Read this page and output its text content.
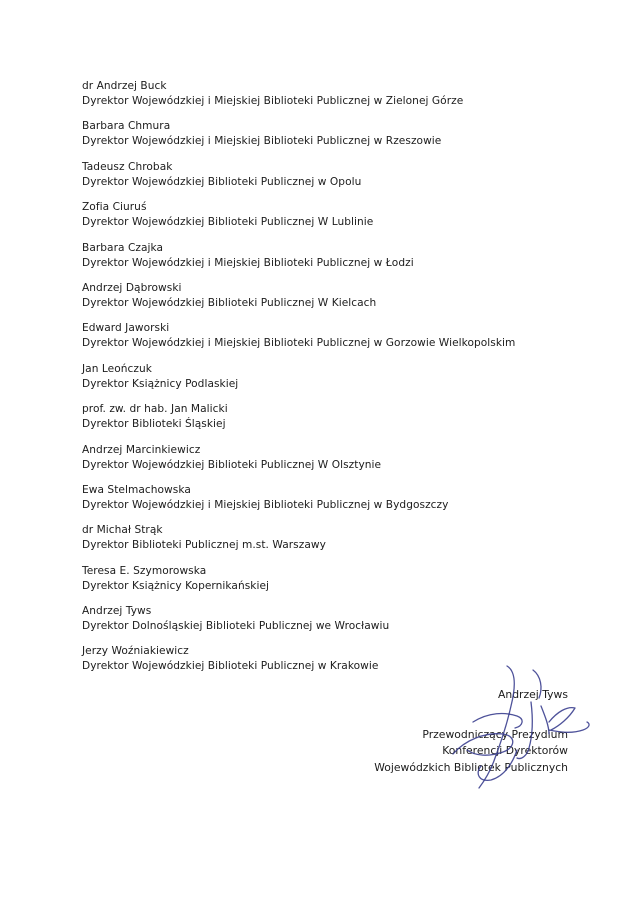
dr Andrzej Buck
Dyrektor Wojewódzkiej i Miejskiej Biblioteki Publicznej w Zielonej Górze
Barbara Chmura
Dyrektor Wojewódzkiej i Miejskiej Biblioteki Publicznej w Rzeszowie
Tadeusz Chrobak
Dyrektor Wojewódzkiej Biblioteki Publicznej w Opolu
Zofia Ciuruś
Dyrektor Wojewódzkiej Biblioteki Publicznej W Lublinie
Barbara Czajka
Dyrektor Wojewódzkiej i Miejskiej Biblioteki Publicznej w Łodzi
Andrzej Dąbrowski
Dyrektor Wojewódzkiej Biblioteki Publicznej W Kielcach
Edward Jaworski
Dyrektor Wojewódzkiej i Miejskiej Biblioteki Publicznej w Gorzowie Wielkopolskim
Jan Leończuk
Dyrektor Książnicy Podlaskiej
prof. zw. dr hab. Jan Malicki
Dyrektor Biblioteki Śląskiej
Andrzej Marcinkiewicz
Dyrektor Wojewódzkiej Biblioteki Publicznej W Olsztynie
Ewa Stelmachowska
Dyrektor Wojewódzkiej i Miejskiej Biblioteki Publicznej w Bydgoszczy
dr Michał Strąk
Dyrektor Biblioteki Publicznej m.st. Warszawy
Teresa E. Szymorowska
Dyrektor Książnicy Kopernikańskiej
Andrzej Tyws
Dyrektor Dolnośląskiej Biblioteki Publicznej we Wrocławiu
Jerzy Woźniakiewicz
Dyrektor Wojewódzkiej Biblioteki Publicznej w Krakowie
Andrzej Tyws
Przewodniczący Prezydium
Konferencji Dyrektorów
Wojewódzkich Bibliotek Publicznych
